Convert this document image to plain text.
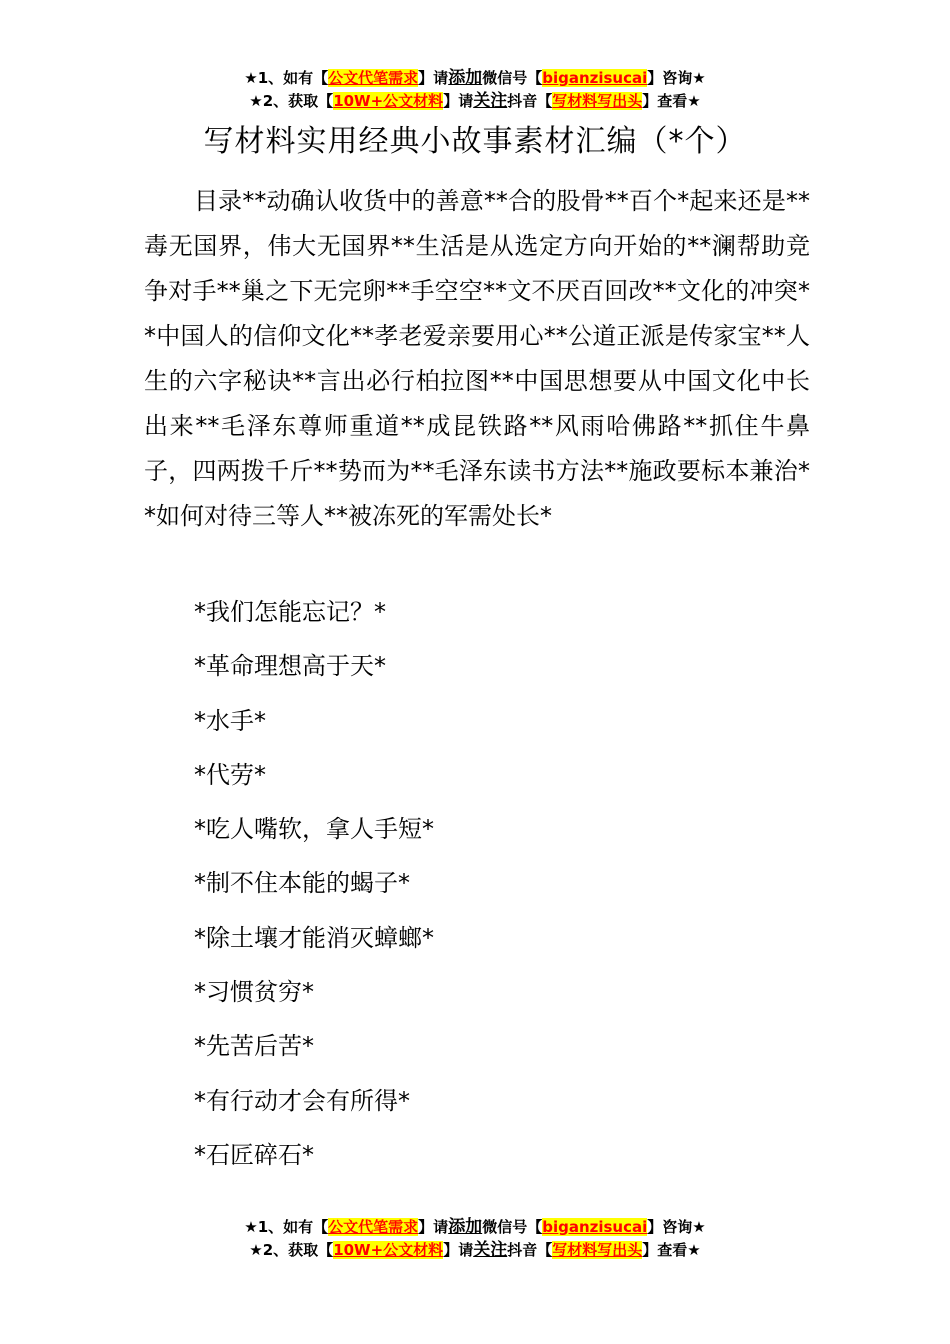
★1、如有【公文代笔需求】请添加微信号【biganzisucai】咨询★
★2、获取【10W+公文材料】请关注抖音【写材料写出头】查看★
写材料实用经典小故事素材汇编（*个）

目录**动确认收货中的善意**合的股骨**百个*起来还是**毒无国界，伟大无国界**生活是从选定方向开始的**澜帮助竞争对手**巢之下无完卵**手空空**文不厌百回改**文化的冲突**中国人的信仰文化**孝老爱亲要用心**公道正派是传家宝**人生的六字秘诀**言出必行柏拉图**中国思想要从中国文化中长出来**毛泽东尊师重道**成昆铁路**风雨哈佛路**抓住牛鼻子，四两拨千斤**势而为**毛泽东读书方法**施政要标本兼治**如何对待三等人**被冻死的军需处长*

*我们怎能忘记？*
*革命理想高于天*
*水手*
*代劳*
*吃人嘴软，拿人手短*
*制不住本能的蝎子*
*除土壤才能消灭蟑螂*
*习惯贫穷*
*先苦后苦*
*有行动才会有所得*
*石匠碎石*
★1、如有【公文代笔需求】请添加微信号【biganzisucai】咨询★
★2、获取【10W+公文材料】请关注抖音【写材料写出头】查看★
